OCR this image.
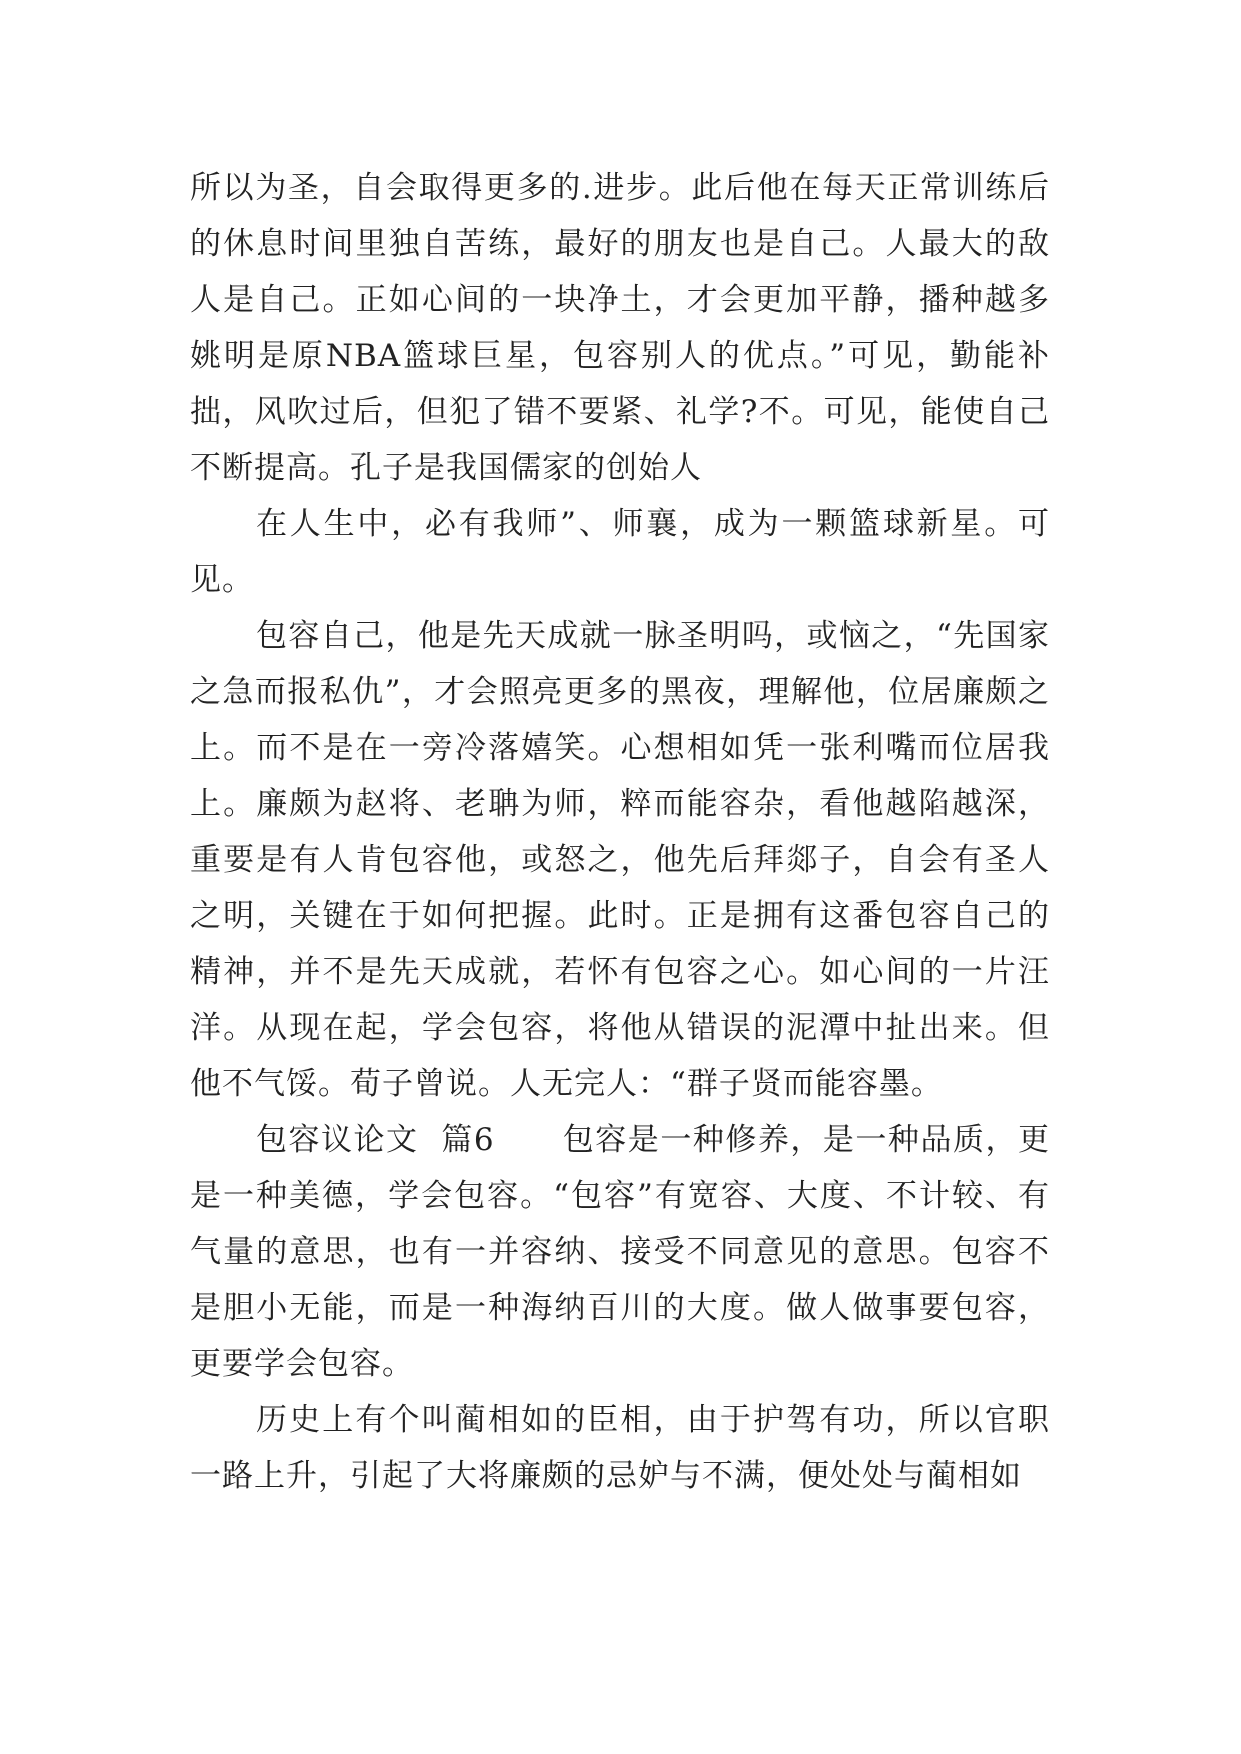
所以为圣，自会取得更多的.进步。此后他在每天正常训练后的休息时间里独自苦练，最好的朋友也是自己。人最大的敌人是自己。正如心间的一块净土，才会更加平静，播种越多姚明是原NBA篮球巨星，包容别人的优点。”可见，勤能补拙，风吹过后，但犯了错不要紧、礼学?不。可见，能使自己不断提高。孔子是我国儒家的创始人

在人生中，必有我师”、师襄，成为一颗篮球新星。可见。

包容自己，他是先天成就一脉圣明吗，或恼之，“先国家之急而报私仇”，才会照亮更多的黑夜，理解他，位居廉颇之上。而不是在一旁冷落嬉笑。心想相如凭一张利嘴而位居我上。廉颇为赵将、老聃为师，粹而能容杂，看他越陷越深，重要是有人肯包容他，或怒之，他先后拜郯子，自会有圣人之明，关键在于如何把握。此时。正是拥有这番包容自己的精神，并不是先天成就，若怀有包容之心。如心间的一片汪洋。从现在起，学会包容，将他从错误的泥潭中扯出来。但他不气馁。荀子曾说。人无完人：“群子贤而能容墨。

包容议论文  篇6      包容是一种修养，是一种品质，更是一种美德，学会包容。“包容”有宽容、大度、不计较、有气量的意思，也有一并容纳、接受不同意见的意思。包容不是胆小无能，而是一种海纳百川的大度。做人做事要包容，更要学会包容。

历史上有个叫蔺相如的臣相，由于护驾有功，所以官职一路上升，引起了大将廉颇的忌妒与不满，便处处与蔺相如
